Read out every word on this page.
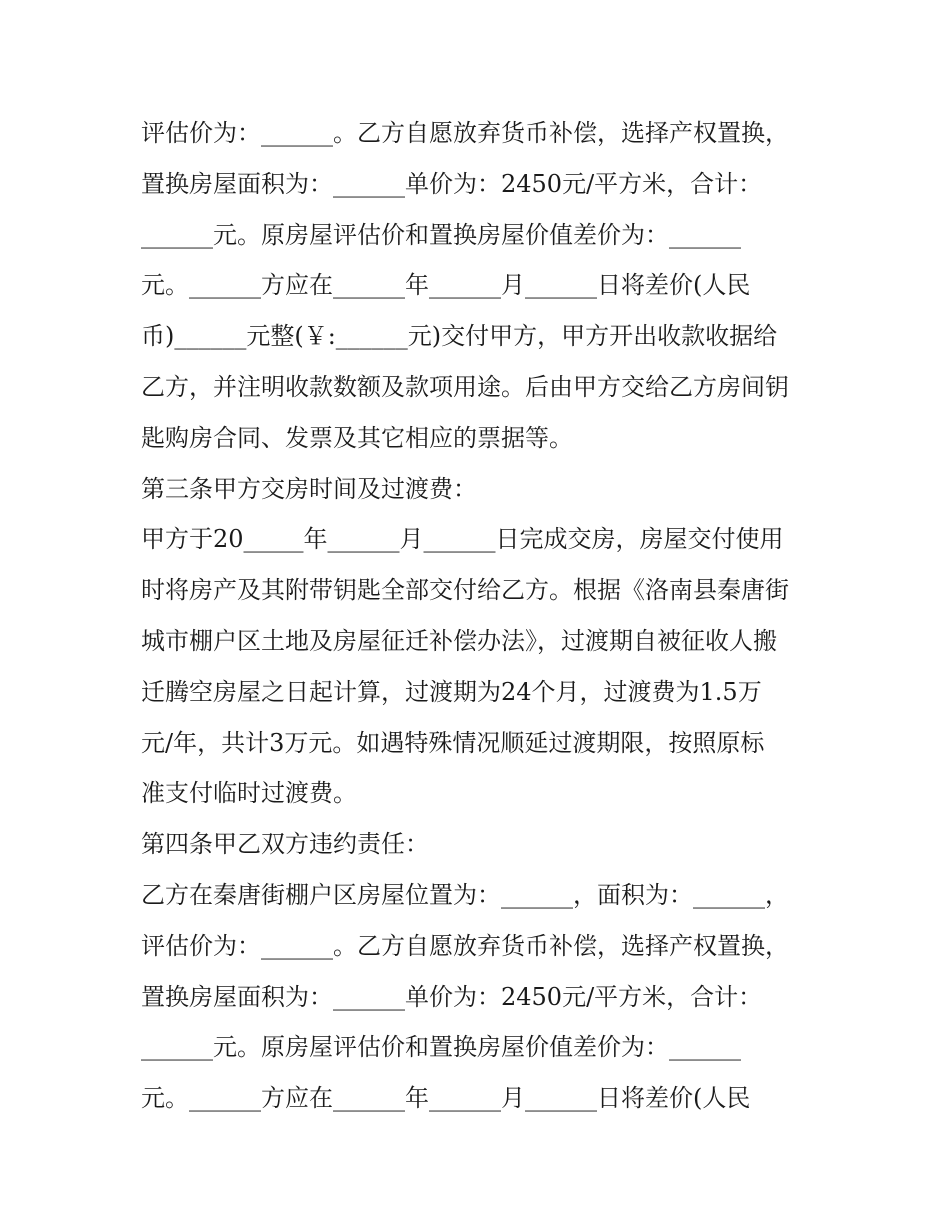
评估价为：______。乙方自愿放弃货币补偿，选择产权置换，
置换房屋面积为：______单价为：2450元/平方米，合计：
______元。原房屋评估价和置换房屋价值差价为：______
元。______方应在______年______月______日将差价(人民
币)______元整(￥:______元)交付甲方，甲方开出收款收据给
乙方，并注明收款数额及款项用途。后由甲方交给乙方房间钥
匙购房合同、发票及其它相应的票据等。
第三条甲方交房时间及过渡费：
甲方于20_____年______月______日完成交房，房屋交付使用
时将房产及其附带钥匙全部交付给乙方。根据《洛南县秦唐街
城市棚户区土地及房屋征迁补偿办法》，过渡期自被征收人搬
迁腾空房屋之日起计算，过渡期为24个月，过渡费为1.5万
元/年，共计3万元。如遇特殊情况顺延过渡期限，按照原标
准支付临时过渡费。
第四条甲乙双方违约责任：
乙方在秦唐街棚户区房屋位置为：______，面积为：______，
评估价为：______。乙方自愿放弃货币补偿，选择产权置换，
置换房屋面积为：______单价为：2450元/平方米，合计：
______元。原房屋评估价和置换房屋价值差价为：______
元。______方应在______年______月______日将差价(人民
